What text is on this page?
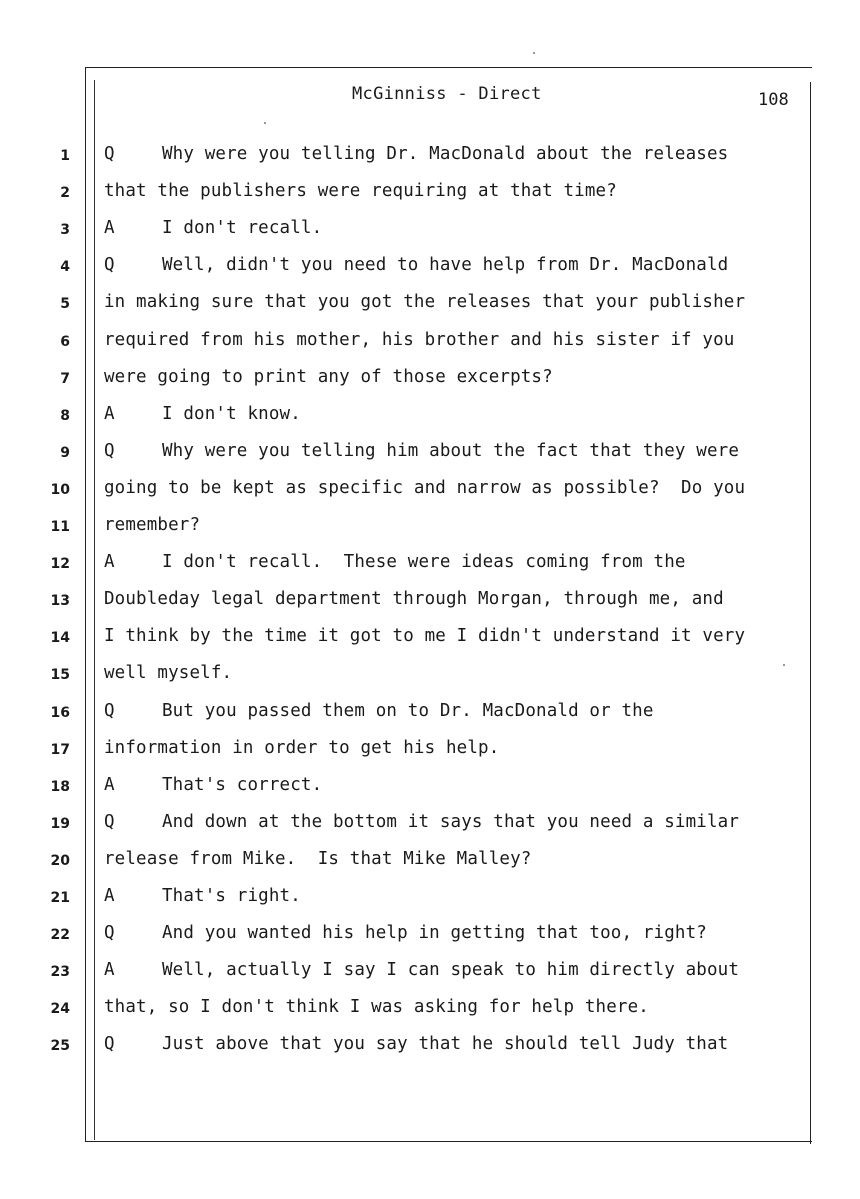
McGinniss - Direct	108
1 Q	Why were you telling Dr. MacDonald about the releases
2 that the publishers were requiring at that time?
3 A	I don't recall.
4 Q	Well, didn't you need to have help from Dr. MacDonald
5 in making sure that you got the releases that your publisher
6 required from his mother, his brother and his sister if you
7 were going to print any of those excerpts?
8 A	I don't know.
9 Q	Why were you telling him about the fact that they were
10 going to be kept as specific and narrow as possible?  Do you
11 remember?
12 A	I don't recall.  These were ideas coming from the
13 Doubleday legal department through Morgan, through me, and
14 I think by the time it got to me I didn't understand it very
15 well myself.
16 Q	But you passed them on to Dr. MacDonald or the
17 information in order to get his help.
18 A	That's correct.
19 Q	And down at the bottom it says that you need a similar
20 release from Mike.  Is that Mike Malley?
21 A	That's right.
22 Q	And you wanted his help in getting that too, right?
23 A	Well, actually I say I can speak to him directly about
24 that, so I don't think I was asking for help there.
25 Q	Just above that you say that he should tell Judy that
